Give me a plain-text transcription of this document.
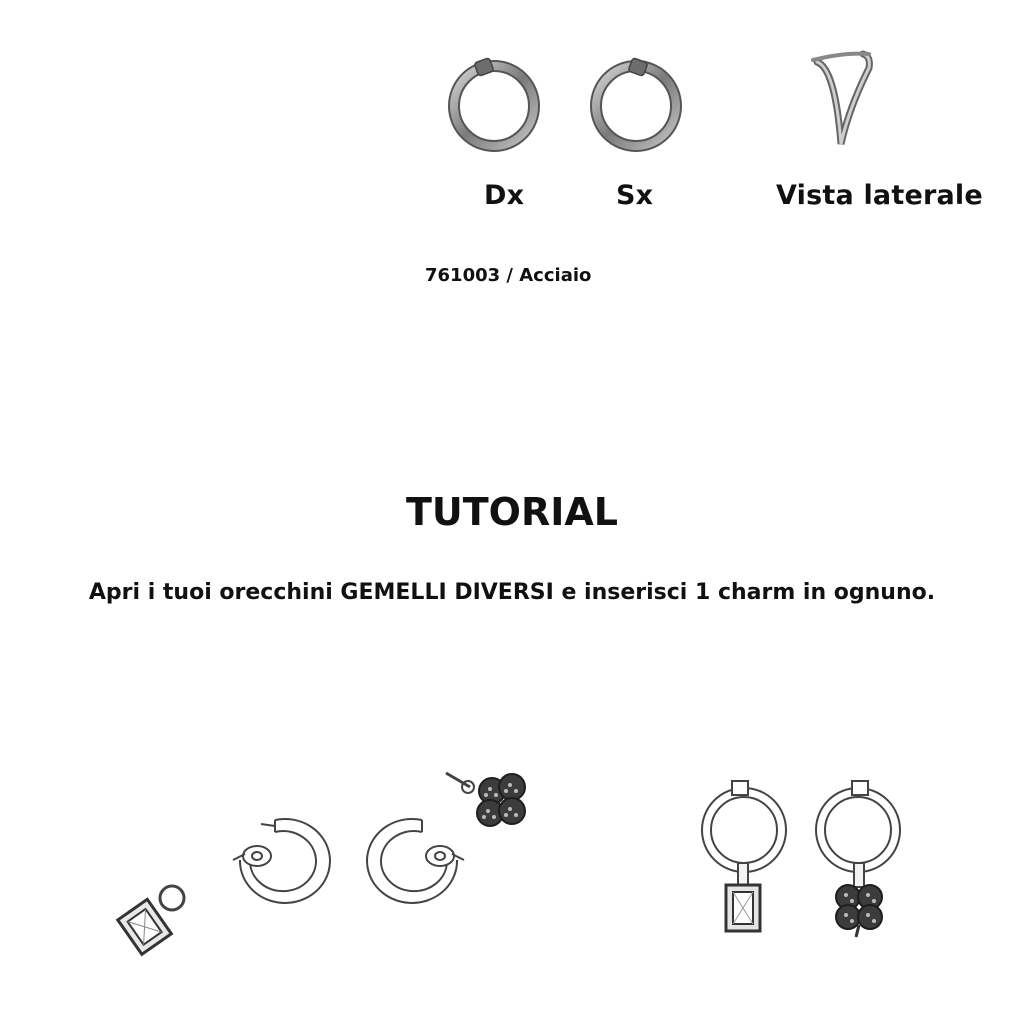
Dx	Sx	Vista laterale
761003 / Acciaio
TUTORIAL
Apri i tuoi orecchini GEMELLI DIVERSI e inserisci 1 charm in ognuno.
